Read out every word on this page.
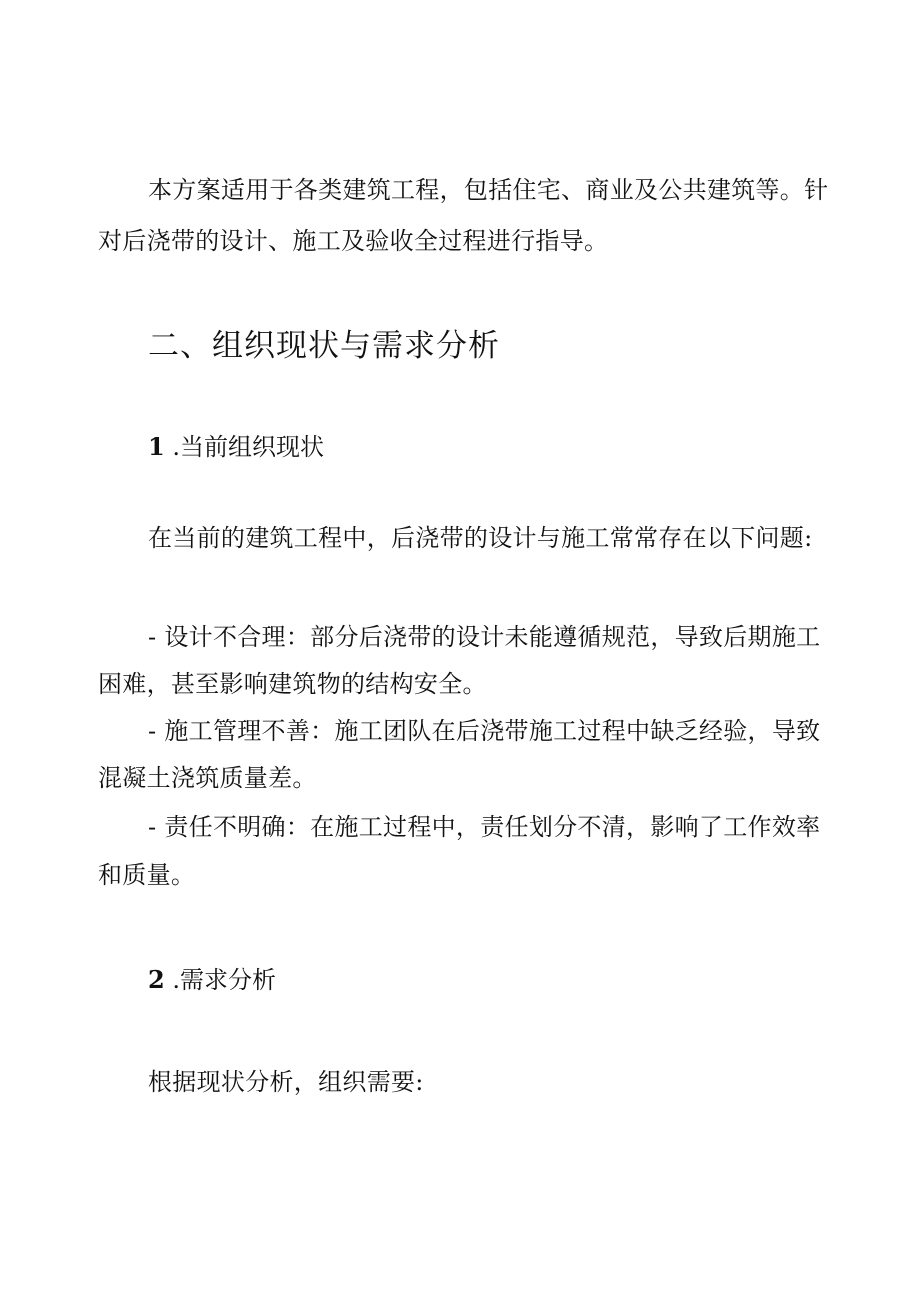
本方案适用于各类建筑工程，包括住宅、商业及公共建筑等。针
对后浇带的设计、施工及验收全过程进行指导。
二、组织现状与需求分析
1 .当前组织现状
在当前的建筑工程中，后浇带的设计与施工常常存在以下问题:
- 设计不合理：部分后浇带的设计未能遵循规范，导致后期施工
困难，甚至影响建筑物的结构安全。
- 施工管理不善：施工团队在后浇带施工过程中缺乏经验，导致
混凝土浇筑质量差。
- 责任不明确：在施工过程中，责任划分不清，影响了工作效率
和质量。
2 .需求分析
根据现状分析，组织需要:
